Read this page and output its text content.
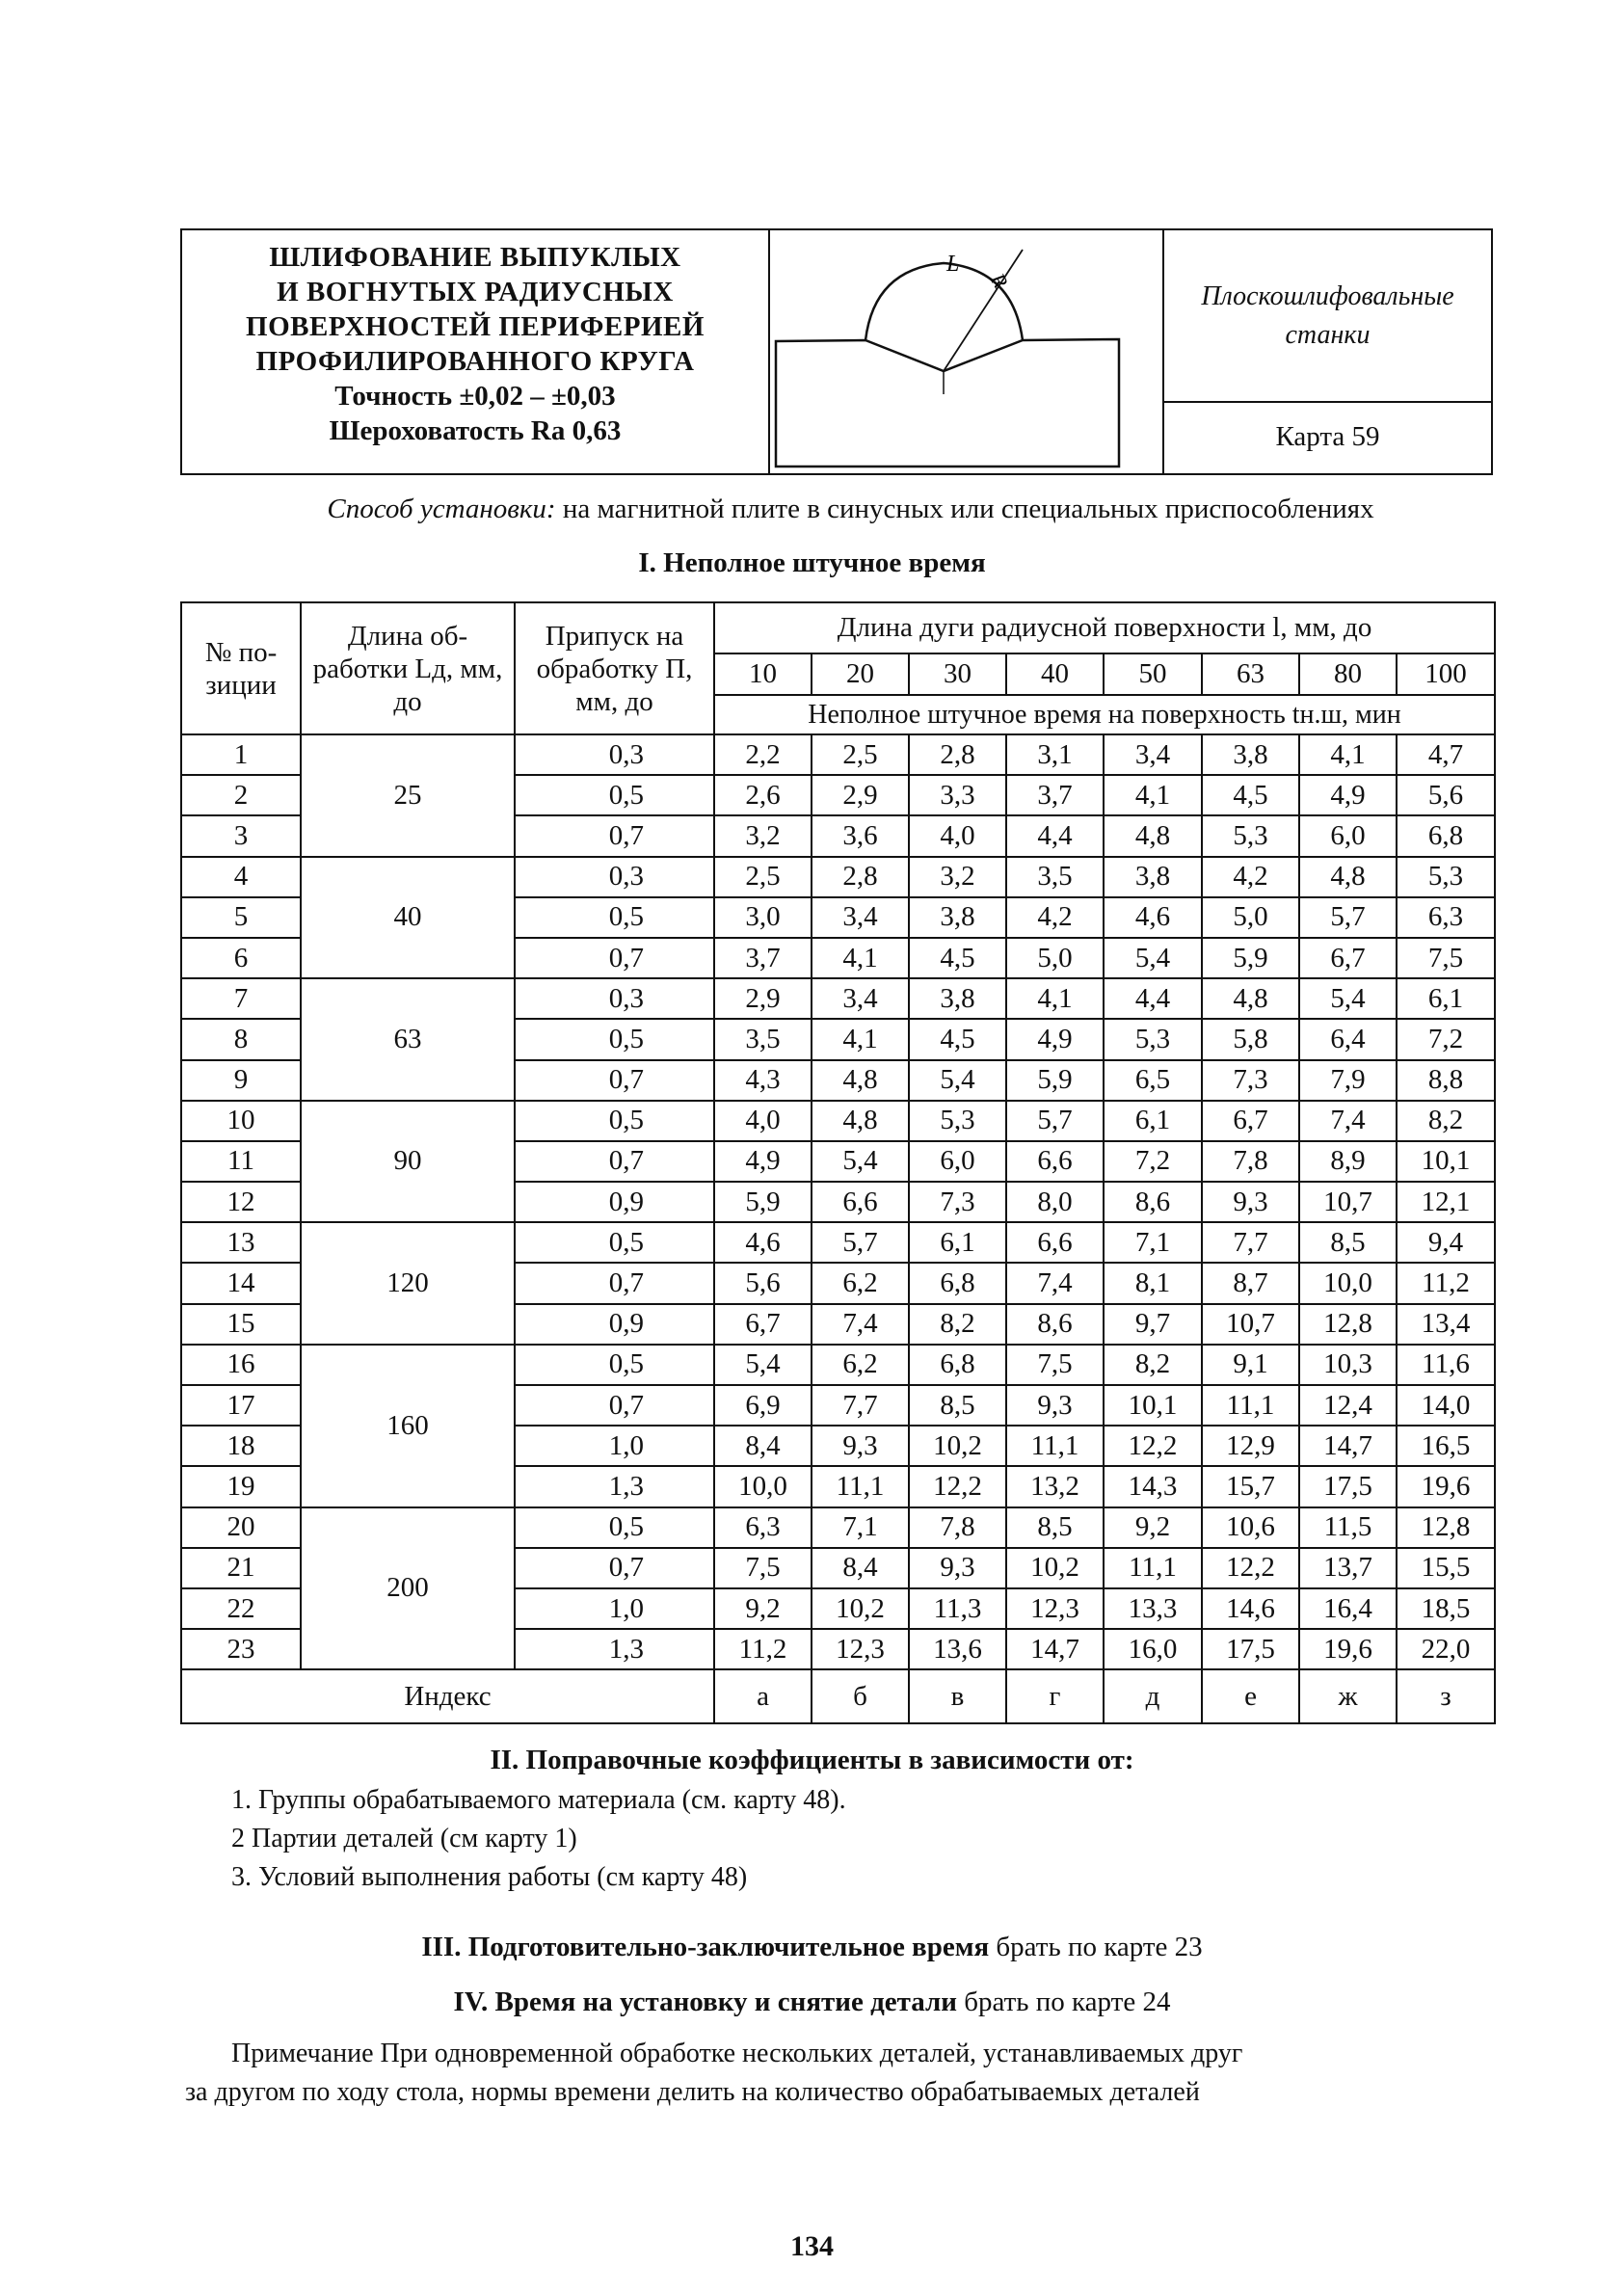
ШЛИФОВАНИЕ ВЫПУКЛЫХ
И ВОГНУТЫХ РАДИУСНЫХ
ПОВЕРХНОСТЕЙ ПЕРИФЕРИЕЙ
ПРОФИЛИРОВАННОГО КРУГА
Точность ±0,02 – ±0,03
Шероховатость Ra 0,63
L
R
Плоскошлифовальные
станки
Карта 59
Способ установки: на магнитной плите в синусных или специальных приспособлениях
I. Неполное штучное время
№ по-зиции	Длина об-работки Lд, мм, до	Припуск на обработку П, мм, до	Длина дуги радиусной поверхности l, мм, до							
			10	20	30	40	50	63	80	100
			Неполное штучное время на поверхность tн.ш, мин							
1	25	0,3	2,2	2,5	2,8	3,1	3,4	3,8	4,1	4,7
2		0,5	2,6	2,9	3,3	3,7	4,1	4,5	4,9	5,6
3		0,7	3,2	3,6	4,0	4,4	4,8	5,3	6,0	6,8
4	40	0,3	2,5	2,8	3,2	3,5	3,8	4,2	4,8	5,3
5		0,5	3,0	3,4	3,8	4,2	4,6	5,0	5,7	6,3
6		0,7	3,7	4,1	4,5	5,0	5,4	5,9	6,7	7,5
7	63	0,3	2,9	3,4	3,8	4,1	4,4	4,8	5,4	6,1
8		0,5	3,5	4,1	4,5	4,9	5,3	5,8	6,4	7,2
9		0,7	4,3	4,8	5,4	5,9	6,5	7,3	7,9	8,8
10	90	0,5	4,0	4,8	5,3	5,7	6,1	6,7	7,4	8,2
11		0,7	4,9	5,4	6,0	6,6	7,2	7,8	8,9	10,1
12		0,9	5,9	6,6	7,3	8,0	8,6	9,3	10,7	12,1
13	120	0,5	4,6	5,7	6,1	6,6	7,1	7,7	8,5	9,4
14		0,7	5,6	6,2	6,8	7,4	8,1	8,7	10,0	11,2
15		0,9	6,7	7,4	8,2	8,6	9,7	10,7	12,8	13,4
16	160	0,5	5,4	6,2	6,8	7,5	8,2	9,1	10,3	11,6
17		0,7	6,9	7,7	8,5	9,3	10,1	11,1	12,4	14,0
18		1,0	8,4	9,3	10,2	11,1	12,2	12,9	14,7	16,5
19		1,3	10,0	11,1	12,2	13,2	14,3	15,7	17,5	19,6
20	200	0,5	6,3	7,1	7,8	8,5	9,2	10,6	11,5	12,8
21		0,7	7,5	8,4	9,3	10,2	11,1	12,2	13,7	15,5
22		1,0	9,2	10,2	11,3	12,3	13,3	14,6	16,4	18,5
23		1,3	11,2	12,3	13,6	14,7	16,0	17,5	19,6	22,0
Индекс			а	б	в	г	д	е	ж	з
II. Поправочные коэффициенты в зависимости от:
1. Группы обрабатываемого материала (см. карту 48).
2 Партии деталей (см карту 1)
3. Условий выполнения работы (см карту 48)
III. Подготовительно-заключительное время брать по карте 23
IV. Время на установку и снятие детали брать по карте 24
Примечание При одновременной обработке нескольких деталей, устанавливаемых друг
за другом по ходу стола, нормы времени делить на количество обрабатываемых деталей
134
